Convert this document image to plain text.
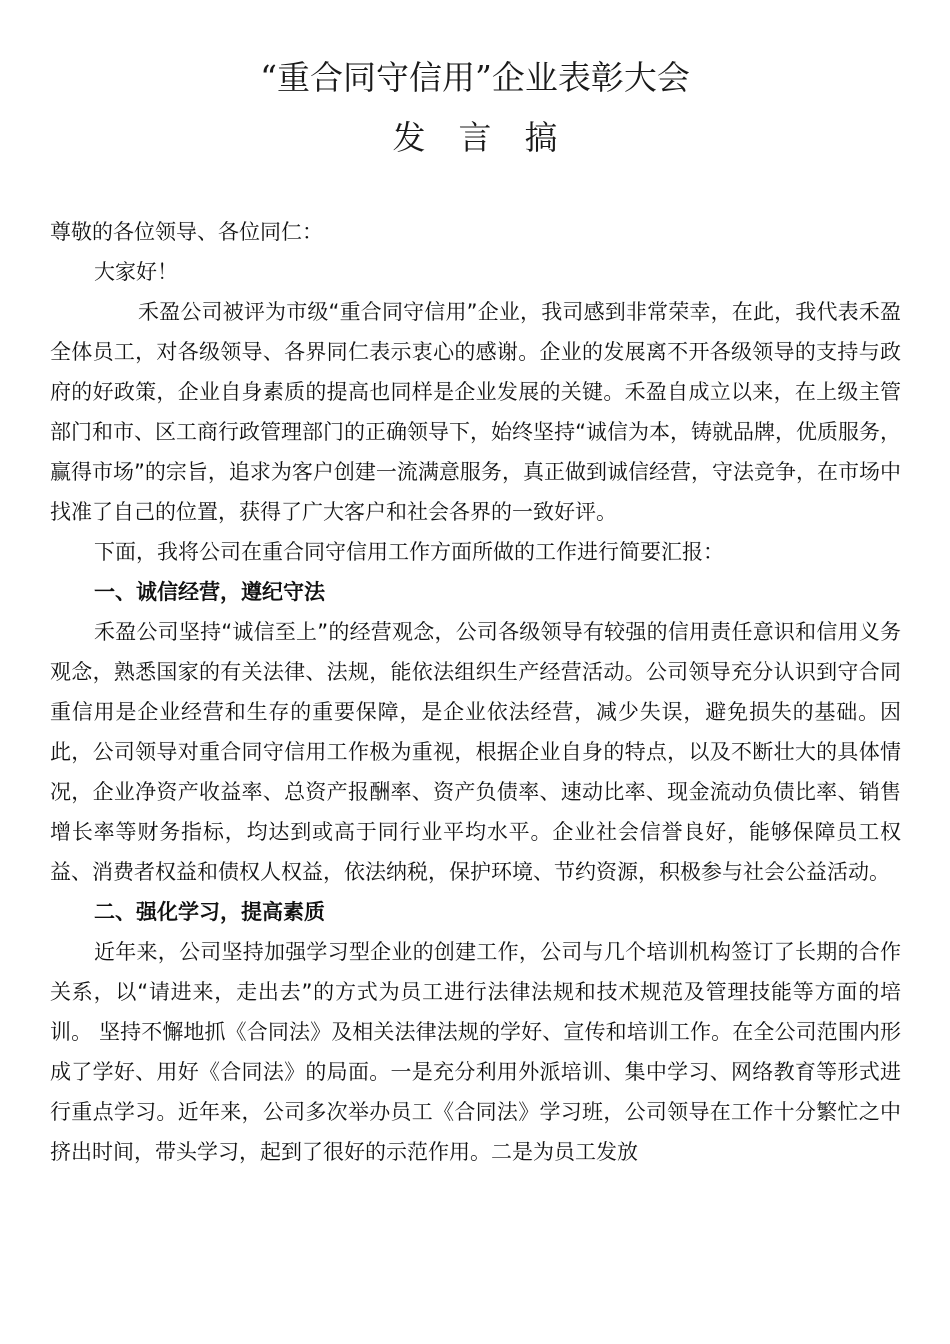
“重合同守信用”企业表彰大会
发　言　搞

尊敬的各位领导、各位同仁：

大家好！

禾盈公司被评为市级“重合同守信用”企业，我司感到非常荣幸，在此，我代表禾盈全体员工，对各级领导、各界同仁表示衷心的感谢。企业的发展离不开各级领导的支持与政府的好政策，企业自身素质的提高也同样是企业发展的关键。禾盈自成立以来，在上级主管部门和市、区工商行政管理部门的正确领导下，始终坚持“诚信为本，铸就品牌，优质服务，赢得市场”的宗旨，追求为客户创建一流满意服务，真正做到诚信经营，守法竞争，在市场中找准了自己的位置，获得了广大客户和社会各界的一致好评。

下面，我将公司在重合同守信用工作方面所做的工作进行简要汇报：

一、诚信经营，遵纪守法

禾盈公司坚持“诚信至上”的经营观念，公司各级领导有较强的信用责任意识和信用义务观念，熟悉国家的有关法律、法规，能依法组织生产经营活动。公司领导充分认识到守合同重信用是企业经营和生存的重要保障，是企业依法经营，减少失误，避免损失的基础。因此，公司领导对重合同守信用工作极为重视，根据企业自身的特点，以及不断壮大的具体情况，企业净资产收益率、总资产报酬率、资产负债率、速动比率、现金流动负债比率、销售增长率等财务指标，均达到或高于同行业平均水平。企业社会信誉良好，能够保障员工权益、消费者权益和债权人权益，依法纳税，保护环境、节约资源，积极参与社会公益活动。

二、强化学习，提高素质

近年来，公司坚持加强学习型企业的创建工作，公司与几个培训机构签订了长期的合作关系，以“请进来，走出去”的方式为员工进行法律法规和技术规范及管理技能等方面的培训。 坚持不懈地抓《合同法》及相关法律法规的学好、宣传和培训工作。在全公司范围内形成了学好、用好《合同法》的局面。一是充分利用外派培训、集中学习、网络教育等形式进行重点学习。近年来，公司多次举办员工《合同法》学习班，公司领导在工作十分繁忙之中挤出时间，带头学习，起到了很好的示范作用。二是为员工发放
